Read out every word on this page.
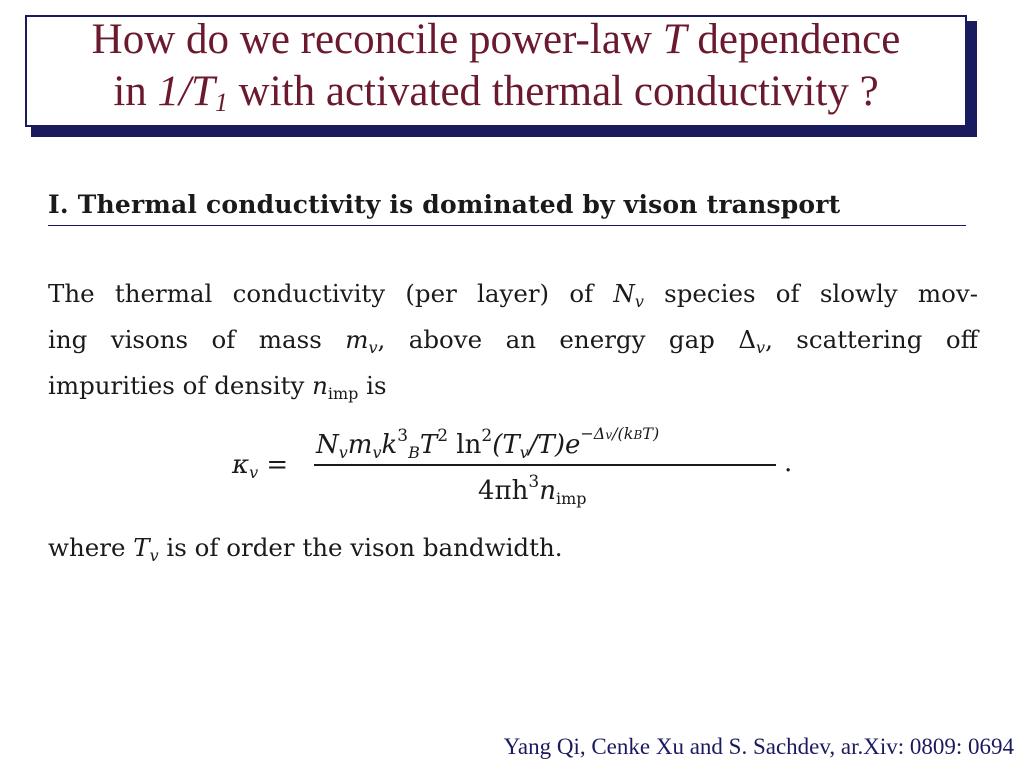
How do we reconcile power-law T dependence
in $1/T_1$ with activated thermal conductivity ?
I. Thermal conductivity is dominated by vison transport
The thermal conductivity (per layer) of $N_v$ species of slowly mov-
ing visons of mass $m_v$, above an energy gap $\Delta_v$, scattering off
impurities of density $n_{imp}$ is
$\kappa_v$ =
$N_vm_vk^3_BT^2$ $\ln^2(T_v/T)e^{-\Delta v/(kBT)}$
$4\pi h^3nimp$
.
where $T_v$ is of order the vison bandwidth.
Yang Qi, Cenke Xu and S. Sachdev, ar.Xiv: 0809: 0694
